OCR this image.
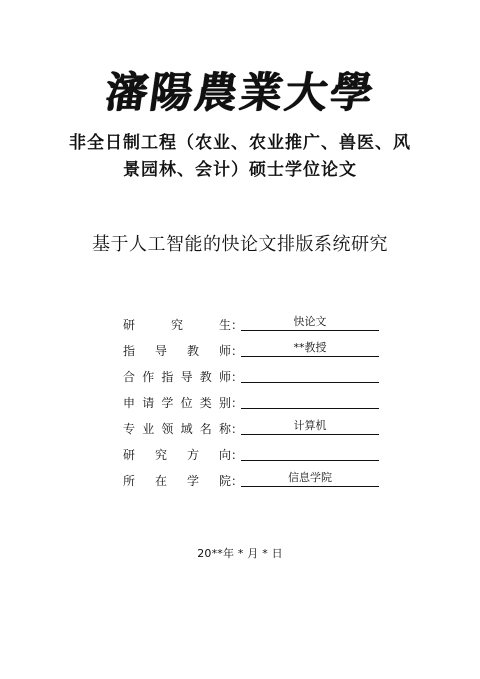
瀋陽農業大學
非全日制工程（农业、农业推广、兽医、风
景园林、会计）硕士学位论文
基于人工智能的快论文排版系统研究
研	究	生 ：	快论文
指 导 教 师 ：	**教授
合 作 指 导 教 师 ：
申 请 学 位 类 别 ：
专 业 领 域 名 称 ：	计算机
研 究 方 向 ：
所 在 学 院 ：	信息学院
20**年 * 月 * 日
